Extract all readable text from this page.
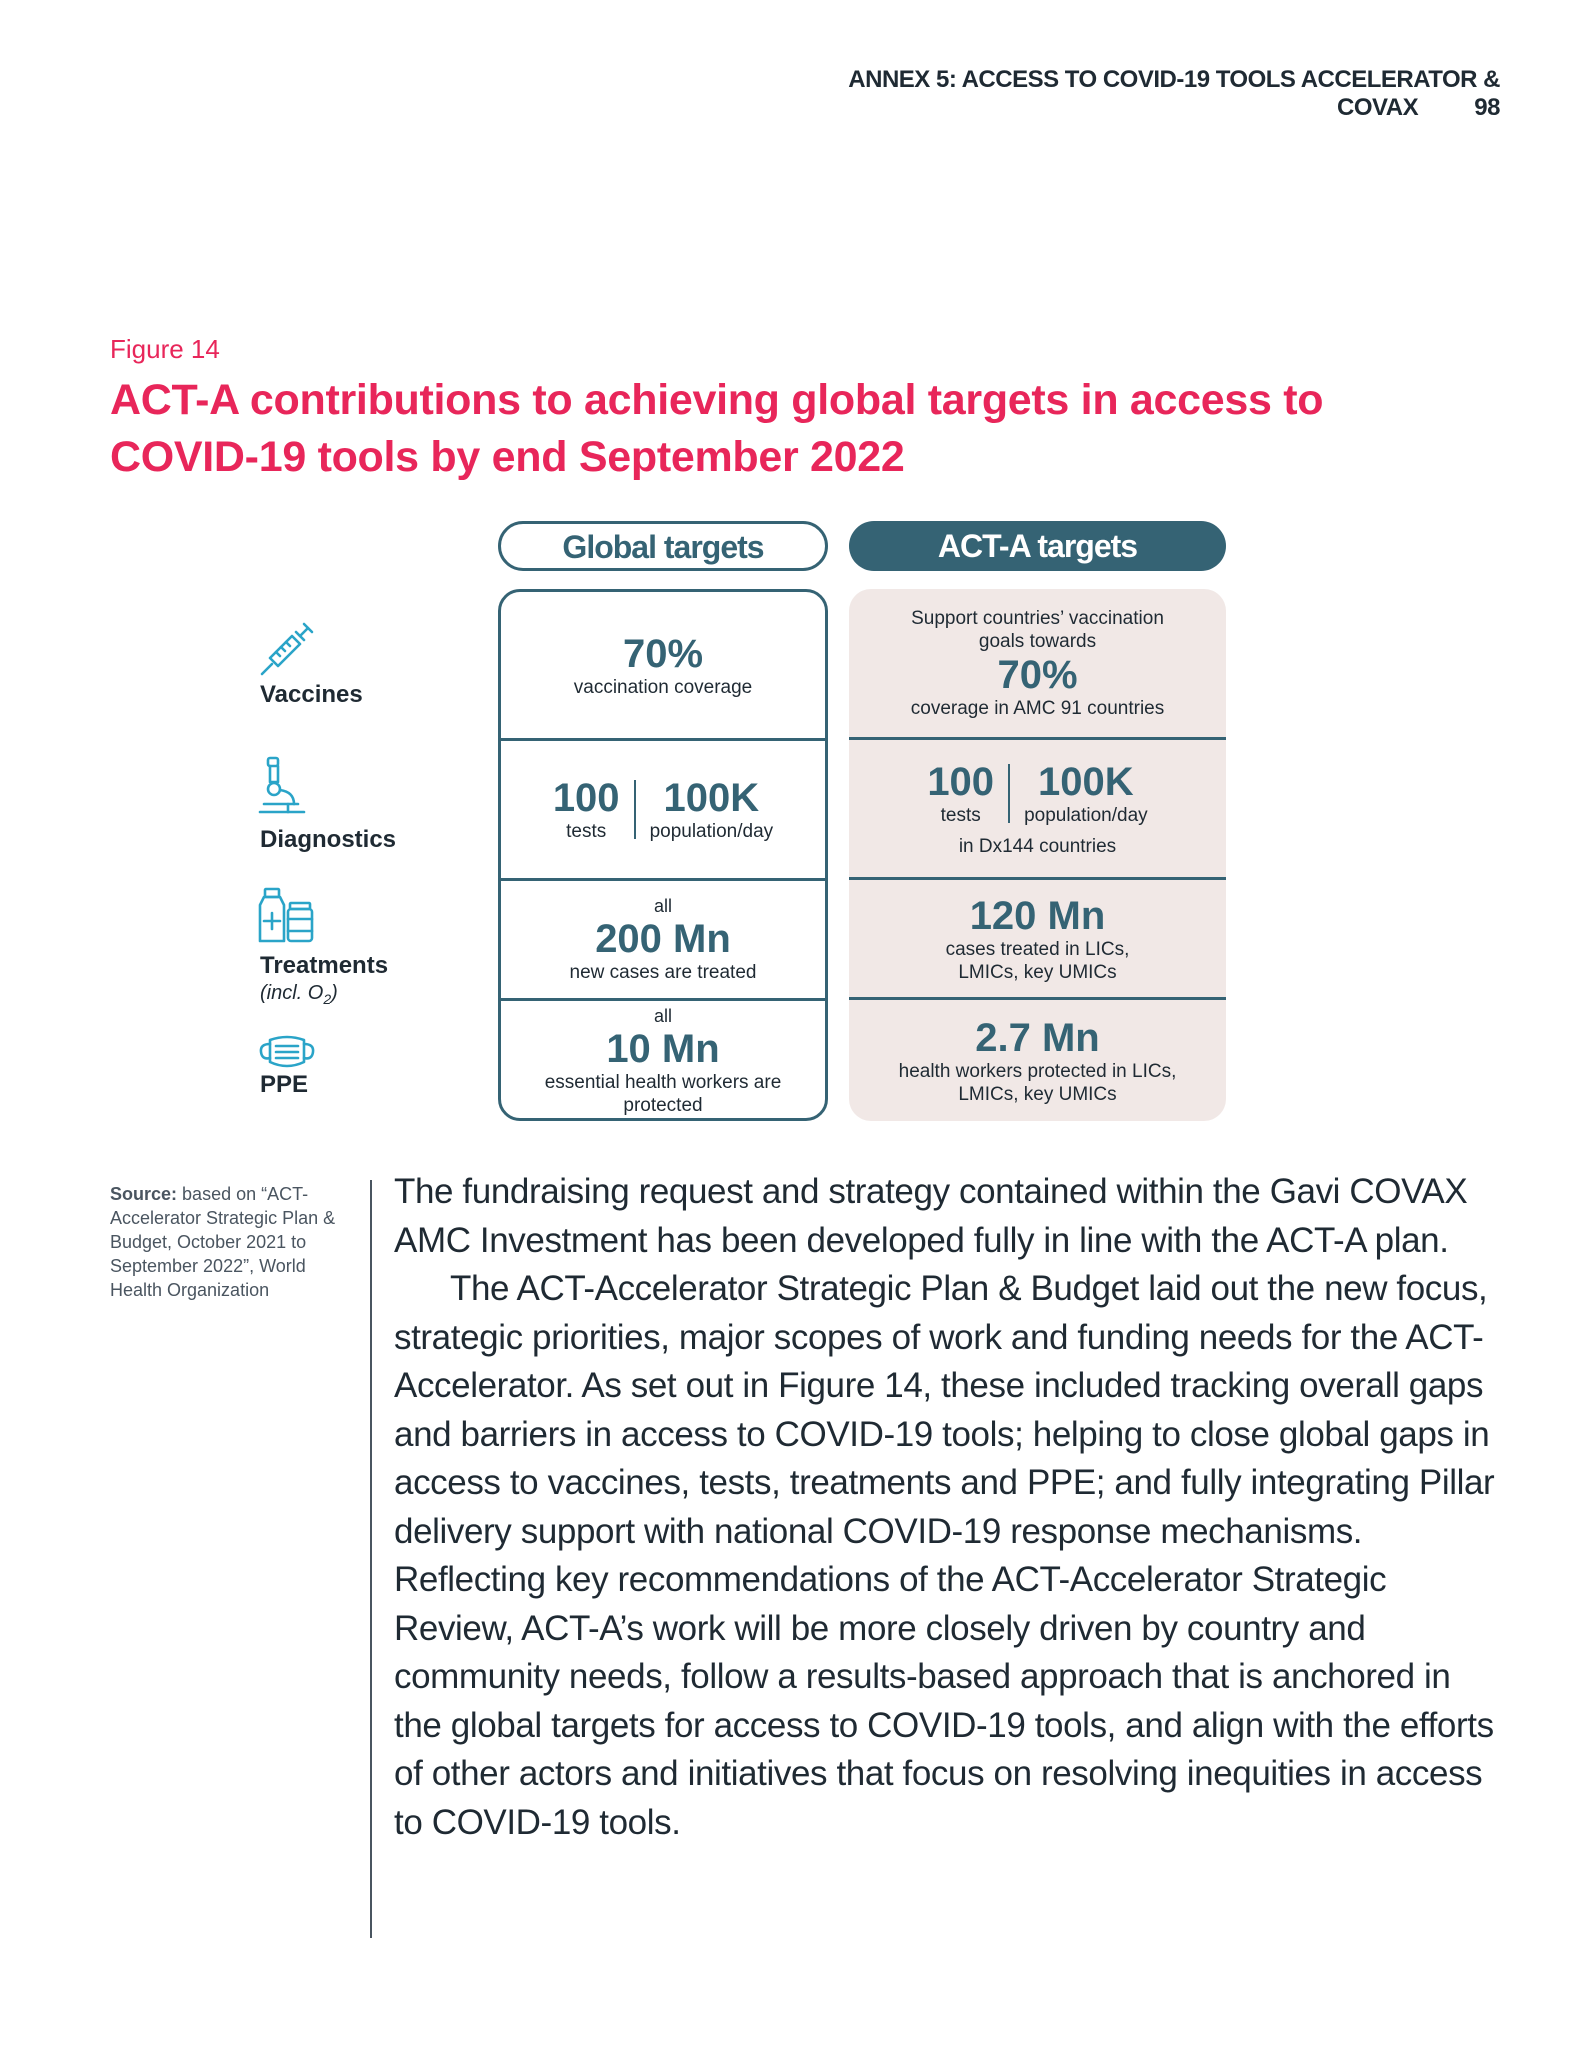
ANNEX 5: ACCESS TO COVID-19 TOOLS ACCELERATOR & COVAX 98
Figure 14
ACT-A contributions to achieving global targets in access to COVID-19 tools by end September 2022
Global targets	ACT-A targets
Vaccines
Diagnostics
Treatments
(incl. $O_2$)
PPE
70%
vaccination coverage
100
tests
100K
population/day
all
200 Mn
new cases are treated
all
10 Mn
essential health workers are protected
Support countries’ vaccination goals towards
70%
coverage in AMC 91 countries
100
tests
100K
population/day
in Dx144 countries
120 Mn
cases treated in LICs, LMICs, key UMICs
2.7 Mn
health workers protected in LICs, LMICs, key UMICs
Source: based on “ACT-Accelerator Strategic Plan & Budget, October 2021 to September 2022”, World Health Organization

The fundraising request and strategy contained within the Gavi COVAX AMC Investment has been developed fully in line with the ACT-A plan.

The ACT-Accelerator Strategic Plan & Budget laid out the new focus, strategic priorities, major scopes of work and funding needs for the ACT-Accelerator. As set out in Figure 14, these included tracking overall gaps and barriers in access to COVID-19 tools; helping to close global gaps in access to vaccines, tests, treatments and PPE; and fully integrating Pillar delivery support with national COVID-19 response mechanisms. Reflecting key recommendations of the ACT-Accelerator Strategic Review, ACT-A’s work will be more closely driven by country and community needs, follow a results-based approach that is anchored in the global targets for access to COVID-19 tools, and align with the efforts of other actors and initiatives that focus on resolving inequities in access to COVID-19 tools.
